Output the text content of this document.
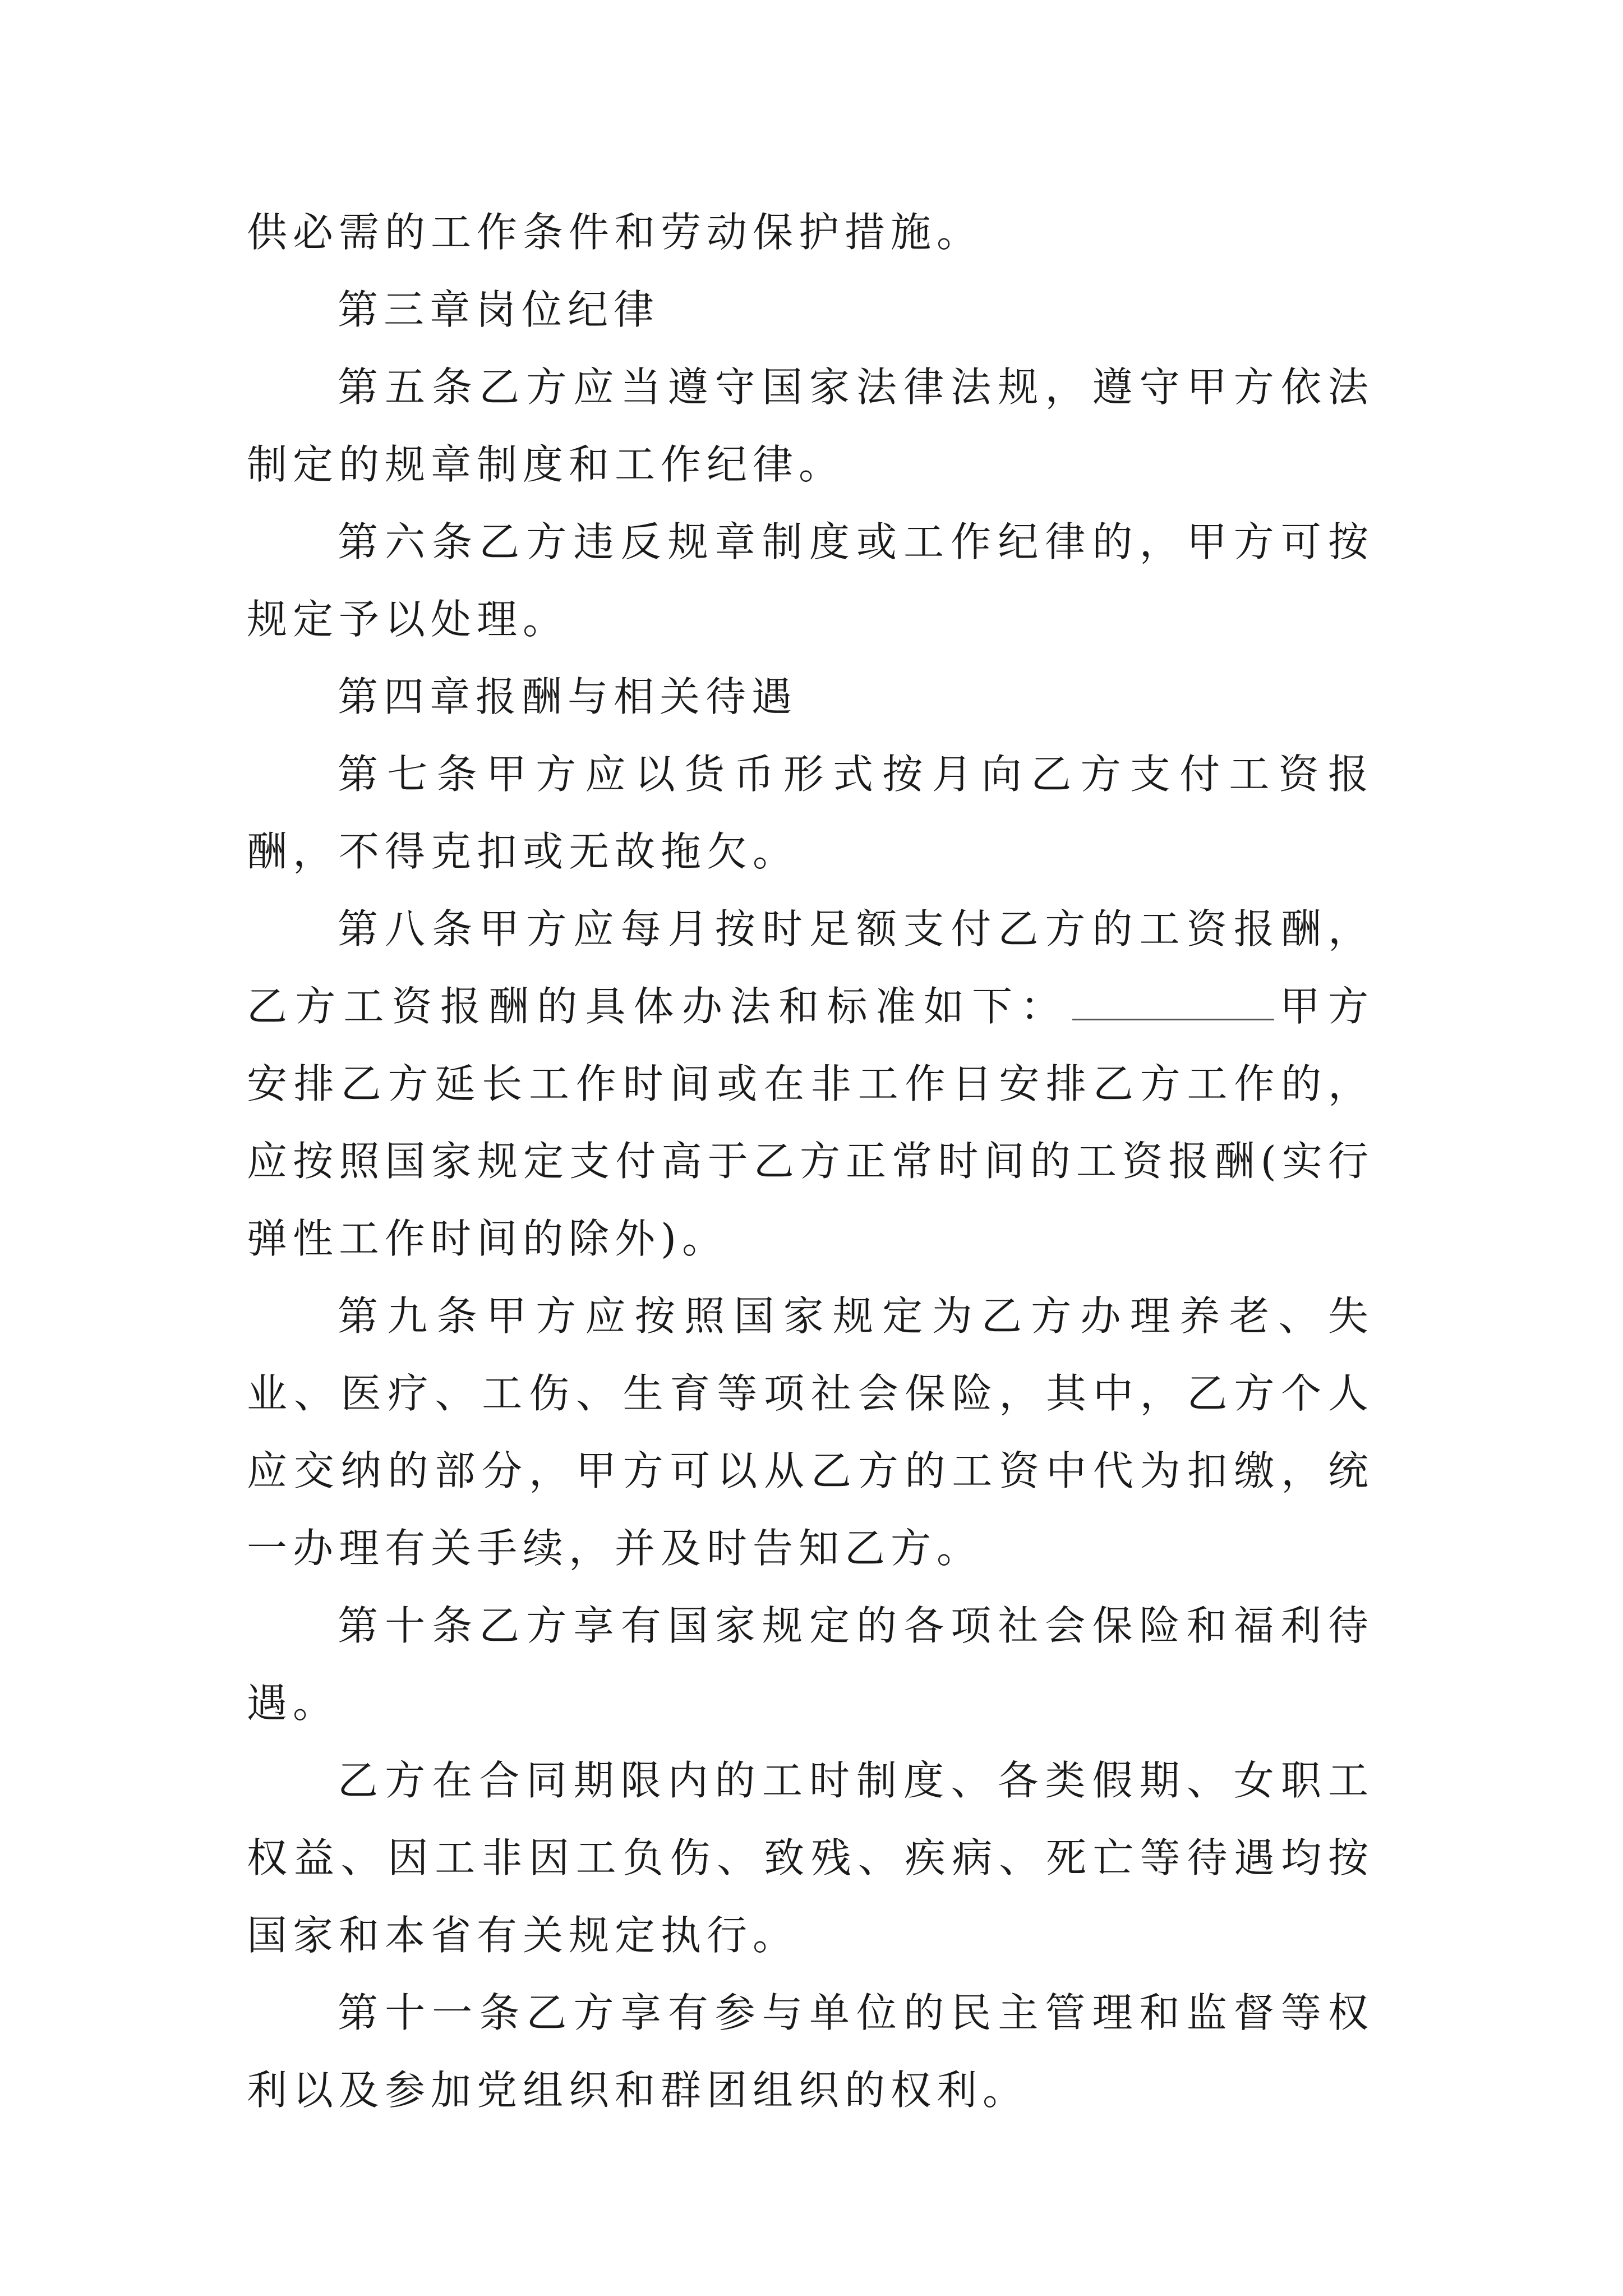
供必需的工作条件和劳动保护措施。

第三章岗位纪律

第五条乙方应当遵守国家法律法规，遵守甲方依法制定的规章制度和工作纪律。

第六条乙方违反规章制度或工作纪律的，甲方可按规定予以处理。

第四章报酬与相关待遇

第七条甲方应以货币形式按月向乙方支付工资报酬，不得克扣或无故拖欠。

第八条甲方应每月按时足额支付乙方的工资报酬，乙方工资报酬的具体办法和标准如下：	甲方安排乙方延长工作时间或在非工作日安排乙方工作的，应按照国家规定支付高于乙方正常时间的工资报酬(实行弹性工作时间的除外)。

第九条甲方应按照国家规定为乙方办理养老、失业、医疗、工伤、生育等项社会保险，其中，乙方个人应交纳的部分，甲方可以从乙方的工资中代为扣缴，统一办理有关手续，并及时告知乙方。

第十条乙方享有国家规定的各项社会保险和福利待遇。

乙方在合同期限内的工时制度、各类假期、女职工权益、因工非因工负伤、致残、疾病、死亡等待遇均按国家和本省有关规定执行。

第十一条乙方享有参与单位的民主管理和监督等权利以及参加党组织和群团组织的权利。
